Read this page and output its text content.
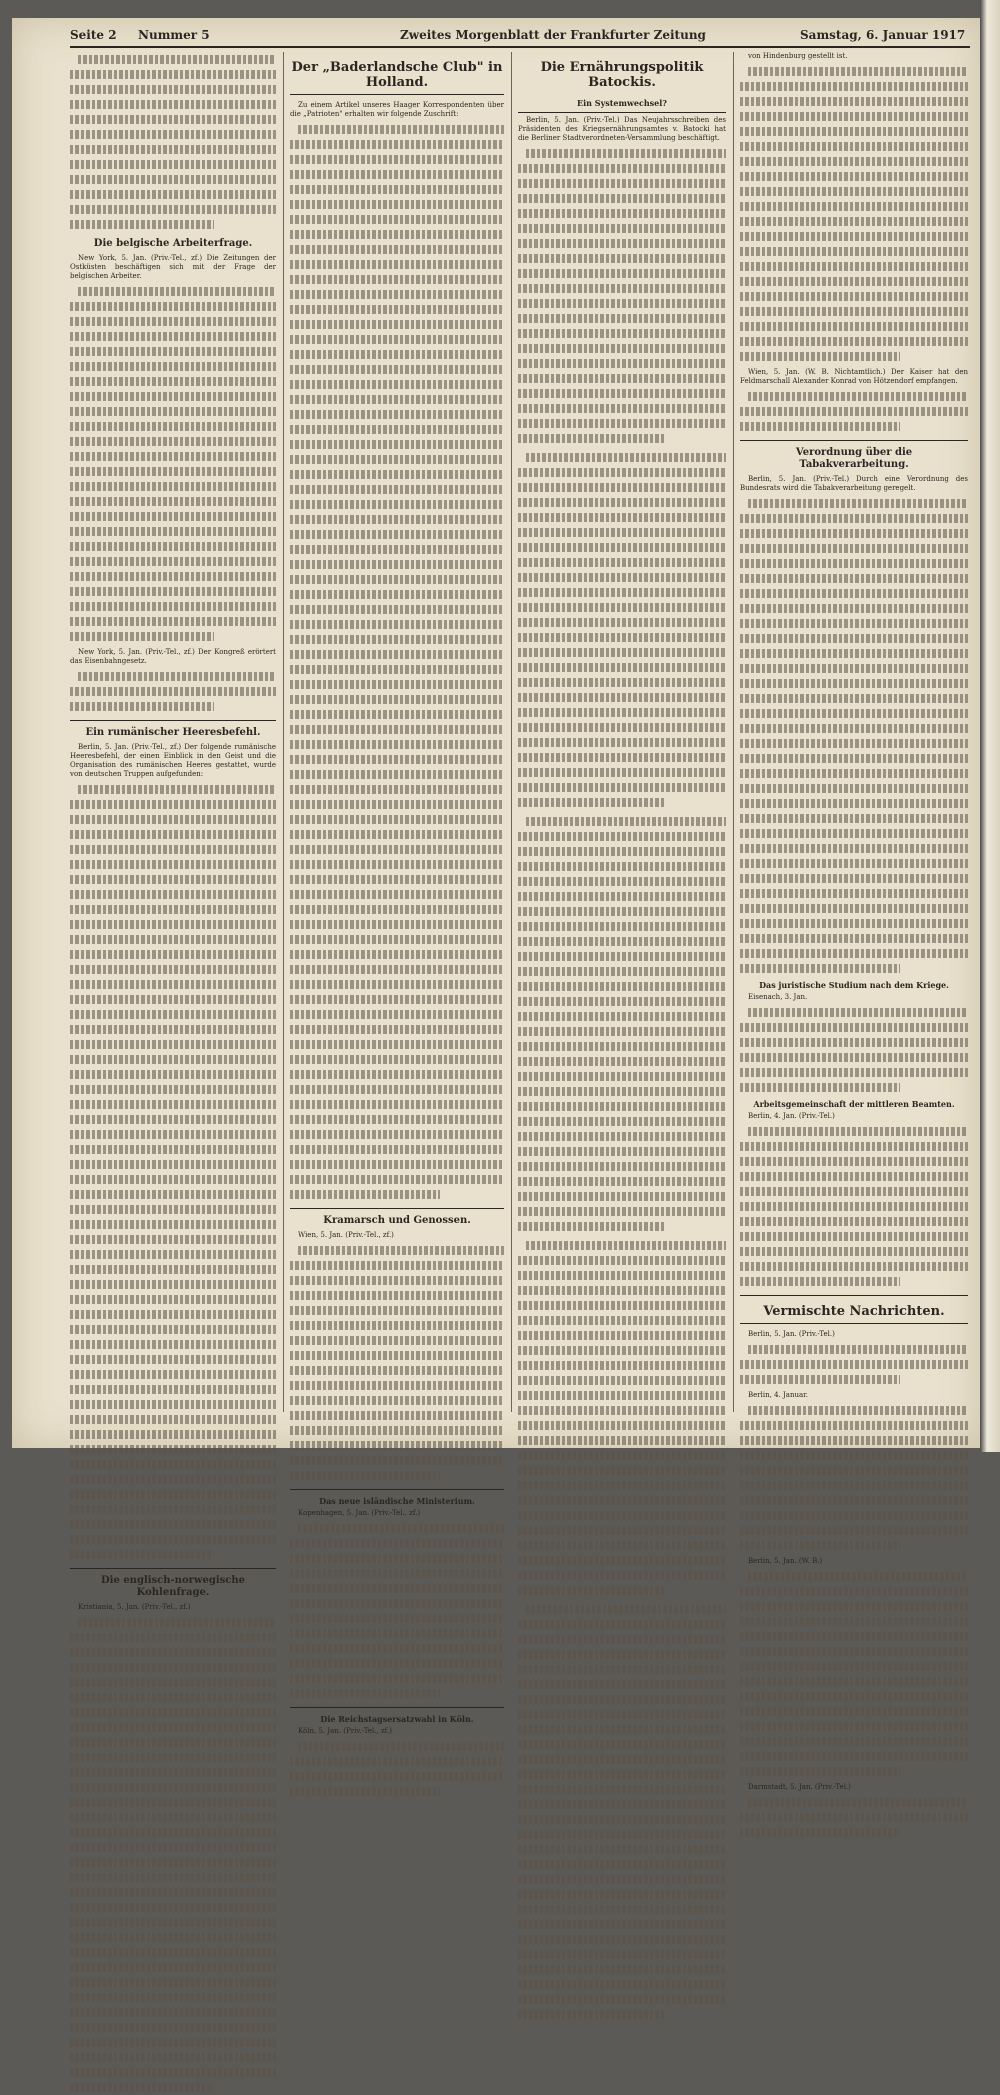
Seite 2 Nummer 5	Zweites Morgenblatt der Frankfurter Zeitung	Samstag, 6. Januar 1917
Die belgische Arbeiterfrage.

New York, 5. Jan. (Priv.-Tel., zf.) Die Zeitungen der Ostküsten beschäftigen sich mit der Frage der belgischen Arbeiter.

New York, 5. Jan. (Priv.-Tel., zf.) Der Kongreß erörtert das Eisenbahngesetz.

Ein rumänischer Heeresbefehl.

Berlin, 5. Jan. (Priv.-Tel., zf.) Der folgende rumänische Heeresbefehl, der einen Einblick in den Geist und die Organisation des rumänischen Heeres gestattet, wurde von deutschen Truppen aufgefunden:

Die englisch-norwegische Kohlenfrage.

Kristiania, 5. Jan. (Priv.-Tel., zf.)

Der „Baderlandsche Club" in Holland.

Zu einem Artikel unseres Haager Korrespondenten über die „Patrioten" erhalten wir folgende Zuschrift:

Kramarsch und Genossen.

Wien, 5. Jan. (Priv.-Tel., zf.)

Das neue isländische Ministerium.

Kopenhagen, 5. Jan. (Priv.-Tel., zf.)

Die Reichstagsersatzwahl in Köln.

Köln, 5. Jan. (Priv.-Tel., zf.)

Die Ernährungspolitik Batockis.
Ein Systemwechsel?

Berlin, 5. Jan. (Priv.-Tel.) Das Neujahrsschreiben des Präsidenten des Kriegsernährungsamtes v. Batocki hat die Berliner Stadtverordneten-Versammlung beschäftigt.

von Hindenburg gestellt ist.

Wien, 5. Jan. (W. B. Nichtamtlich.) Der Kaiser hat den Feldmarschall Alexander Konrad von Hötzendorf empfangen.

Verordnung über die Tabakverarbeitung.

Berlin, 5. Jan. (Priv.-Tel.) Durch eine Verordnung des Bundesrats wird die Tabakverarbeitung geregelt.

Das juristische Studium nach dem Kriege.

Eisenach, 3. Jan.

Arbeitsgemeinschaft der mittleren Beamten.

Berlin, 4. Jan. (Priv.-Tel.)

Vermischte Nachrichten.

Berlin, 5. Jan. (Priv.-Tel.)

Berlin, 4. Januar.

Berlin, 5. Jan. (W. B.)

Darmstadt, 5. Jan. (Priv.-Tel.)
